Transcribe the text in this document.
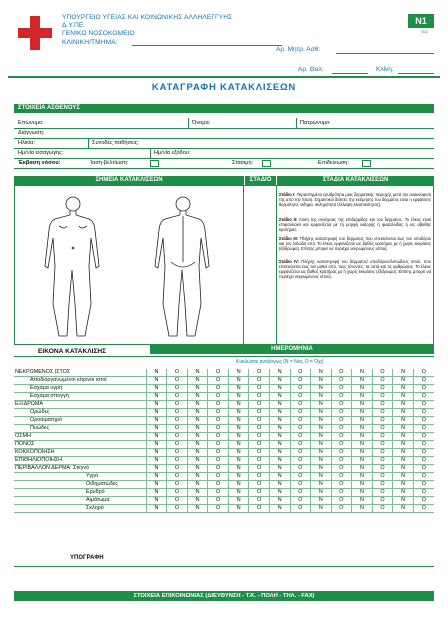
ΥΠΟΥΡΓΕΙΟ ΥΓΕΙΑΣ ΚΑΙ ΚΟΙΝΩΝΙΚΗΣ ΑΛΛΗΛΕΓΓΥΗΣ
Δ.Υ.ΠΕ.
ΓΕΝΙΚΟ ΝΟΣΟΚΟΜΕΙΟ
ΚΛΙΝΙΚΗ/ΤΜΗΜΑ:
N1
511
Αρ. Μητρ. Ασθ:
Αρ. Θαλ:	Κλίνη:
ΚΑΤΑΓΡΑΦΗ ΚΑΤΑΚΛΙΣΕΩΝ
ΣΤΟΙΧΕΙΑ ΑΣΘΕΝΟΥΣ
Επώνυμο:	Όνομα:	Πατρώνυμο:
Διάγνωση:
Ηλικία:	Συνοδές παθήσεις:
Ημ/νία εισαγωγής:	Ημ/νία εξόδου:
Έκβαση νόσου:	Ίαση-βελτίωση:	Στάσιμη:	Επιδείνωση:
ΣΗΜΕΙΑ ΚΑΤΑΚΛΙΣΕΩΝ	ΣΤΑΔΙΟ	ΣΤΑΔΙΑ ΚΑΤΑΚΛΙΣΕΩΝ

Στάδιο Ι: Περιεστιγμένο ερυθρότητα μιας δερματικής περιοχής μετά την ανακούφισή της από την πίεση. Σημαντικοί δείκτες της εκτίμησης του δέρματος είναι η εμφάνιση: θερμότητα, οίδημα, σκληρότητα (έλλειψη ελαστικότητας).

Στάδιο ΙΙ: Λύση της συνέχειας της επιδερμίδας και του δέρματος. Το έλκος είναι επιφανειακό και εμφανίζεται με τη μορφή εκδορής ή φυσαλλίδας ή ως αβαθής κρατήρας.

Στάδιο ΙΙΙ: Πλήρης καταστροφή του δέρματος που επεκτείνεται έως τον υποδόριο και τον λιπώδη ιστό. Το έλκος εμφανίζεται ως βαθύς κρατήρας με ή χωρίς εκκρίσεις (έξιδρωμα). Επίσης μπορεί να περιέχει νεκρωμένους ιστούς.

Στάδιο IV: Πλήρης καταστροφή του δέρματος/ υποδόριου/λιπώδους ιστού, που επεκτείνεται έως τον μυϊκό ιστό, τους τένοντες, τα οστά και τις αρθρώσεις. Το έλκος εμφανίζεται ως βαθύς κρατήρας με ή χωρίς εκκρίσεις (έξιδρωμα). Επίσης μπορεί να περιέχει νεκρωμένους ιστούς.

ΗΜΕΡΟΜΗΝΙΑ
ΕΙΚΟΝΑ ΚΑΤΑΚΛΙΣΗΣ
Κυκλώστε αναλόγως (N = Ναι, O = Όχι)
ΝΕΚΡΩΜΕΝΟΣ ΙΣΤΟΣ	N	O	N	O	N	O	N	O	N	O	N	O	N	O
Αποδιοργανωμένοι κίτρινοι ιστοί	N	O	N	O	N	O	N	O	N	O	N	O	N	O
Εσχάρα υγρή	N	O	N	O	N	O	N	O	N	O	N	O	N	O
Εσχάρα σπογγή	N	O	N	O	N	O	N	O	N	O	N	O	N	O
ΕΞΙΔΡΩΜΑ	N	O	N	O	N	O	N	O	N	O	N	O	N	O
Ορώδες	N	O	N	O	N	O	N	O	N	O	N	O	N	O
Οροαιματηρό	N	O	N	O	N	O	N	O	N	O	N	O	N	O
Πυώδες	N	O	N	O	N	O	N	O	N	O	N	O	N	O
ΟΣΜΗ	N	O	N	O	N	O	N	O	N	O	N	O	N	O
ΠΟΝΟΣ	N	O	N	O	N	O	N	O	N	O	N	O	N	O
ΚΟΚΚΟΠΟΙΗΣΗ	N	O	N	O	N	O	N	O	N	O	N	O	N	O
ΕΠΙΘΗΛΙΟΠΟΙΗΣΗ	N	O	N	O	N	O	N	O	N	O	N	O	N	O
ΠΕΡΙΒΑΛΛΟΝ ΔΕΡΜΑ: Στεγνό	N	O	N	O	N	O	N	O	N	O	N	O	N	O
Υγρό	N	O	N	O	N	O	N	O	N	O	N	O	N	O
Οιδηματώδες	N	O	N	O	N	O	N	O	N	O	N	O	N	O
Ερυθρό	N	O	N	O	N	O	N	O	N	O	N	O	N	O
Αιμάτωμα	N	O	N	O	N	O	N	O	N	O	N	O	N	O
Σκληρό	N	O	N	O	N	O	N	O	N	O	N	O	N	O
ΥΠΟΓΡΑΦΗ
ΣΤΟΙΧΕΙΑ ΕΠΙΚΟΙΝΩΝΙΑΣ (ΔΙΕΥΘΥΝΣΗ - Τ.Κ. - ΠΟΛΗ - ΤΗΛ. - FAX)
